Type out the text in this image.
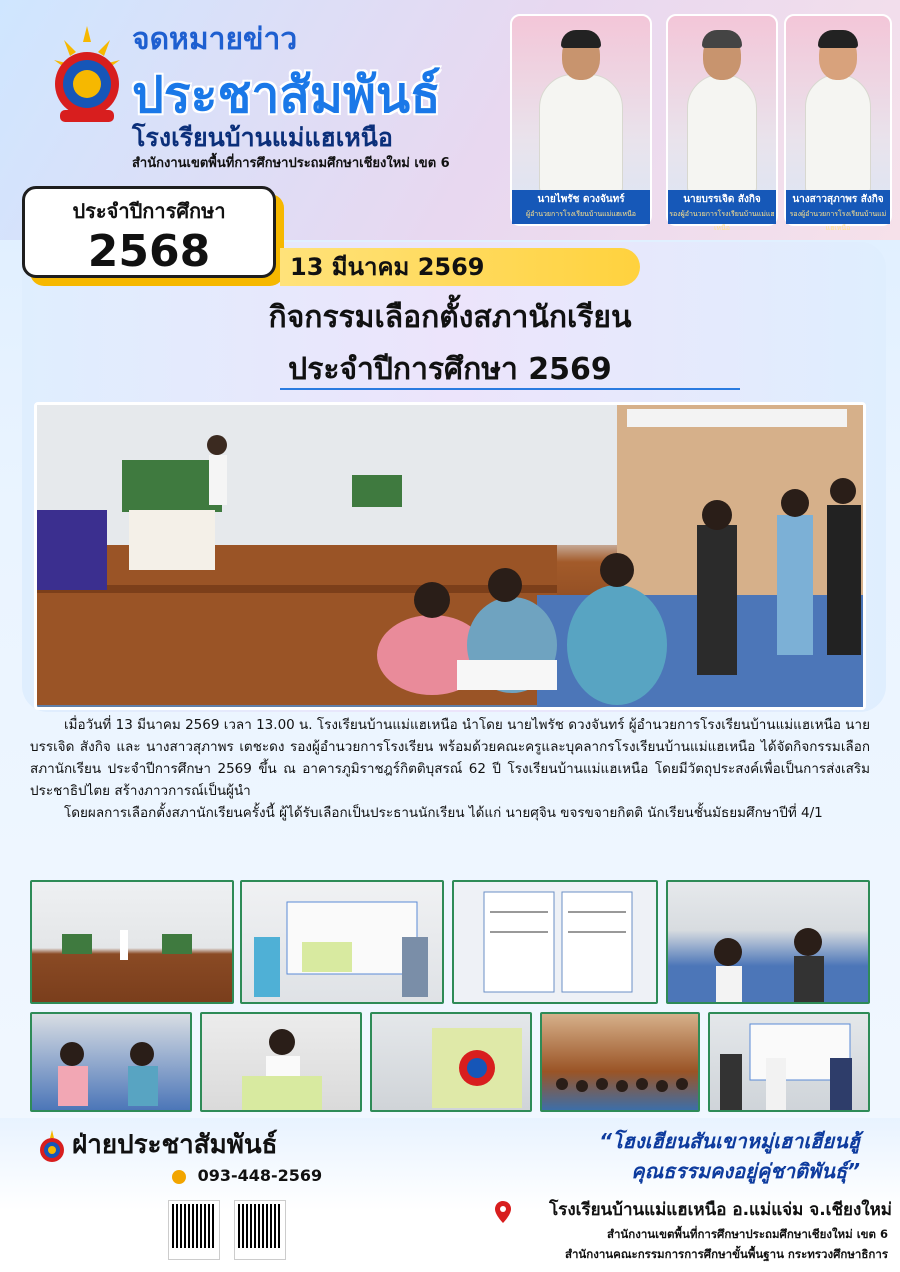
จดหมายข่าว
ประชาสัมพันธ์
โรงเรียนบ้านแม่แฮเหนือ
สำนักงานเขตพื้นที่การศึกษาประถมศึกษาเชียงใหม่ เขต 6
นายไพรัช ดวงจันทร์
ผู้อำนวยการโรงเรียนบ้านแม่แฮเหนือ
นายบรรเจิด สังกิจ
รองผู้อำนวยการโรงเรียนบ้านแม่แฮเหนือ
นางสาวสุภาพร สังกิจ
รองผู้อำนวยการโรงเรียนบ้านแม่แฮเหนือ
ประจำปีการศึกษา
2568	13 มีนาคม 2569
กิจกรรมเลือกตั้งสภานักเรียน
ประจำปีการศึกษา 2569

เมื่อวันที่ 13 มีนาคม 2569 เวลา 13.00 น. โรงเรียนบ้านแม่แฮเหนือ นำโดย นายไพรัช ดวงจันทร์ ผู้อำนวยการโรงเรียนบ้านแม่แฮเหนือ นายบรรเจิด สังกิจ และ นางสาวสุภาพร เตชะดง รองผู้อำนวยการโรงเรียน พร้อมด้วยคณะครูและบุคลากรโรงเรียนบ้านแม่แฮเหนือ ได้จัดกิจกรรมเลือกสภานักเรียน ประจำปีการศึกษา 2569 ขึ้น ณ อาคารภูมิราชฎร์กิตติบุสรณ์ 62 ปี โรงเรียนบ้านแม่แฮเหนือ โดยมีวัตถุประสงค์เพื่อเป็นการส่งเสริมประชาธิปไตย สร้างภาวการณ์เป็นผู้นำ

โดยผลการเลือกตั้งสภานักเรียนครั้งนี้ ผู้ได้รับเลือกเป็นประธานนักเรียน ได้แก่ นายศุจิน ขจรขจายกิตติ นักเรียนชั้นมัธยมศึกษาปีที่ 4/1

ฝ่ายประชาสัมพันธ์
093-448-2569
“โฮงเฮียนสันเขาหมู่เฮาเฮียนฮู้
คุณธรรมคงอยู่คู่ชาติพันธุ์”
โรงเรียนบ้านแม่แฮเหนือ อ.แม่แจ่ม จ.เชียงใหม่
สำนักงานเขตพื้นที่การศึกษาประถมศึกษาเชียงใหม่ เขต 6
สำนักงานคณะกรรมการการศึกษาขั้นพื้นฐาน กระทรวงศึกษาธิการ
